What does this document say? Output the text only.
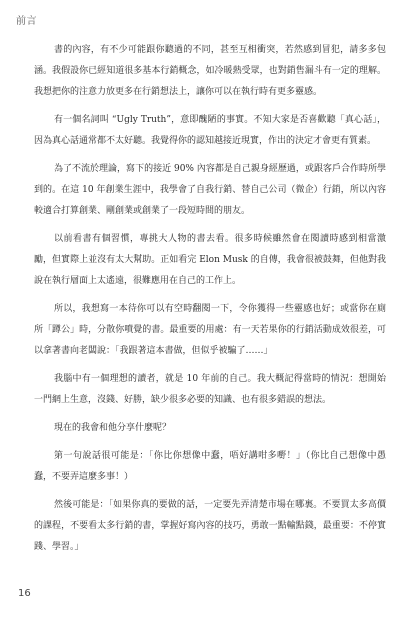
前言

書的內容，有不少可能跟你聽過的不同，甚至互相衝突，若然感到冒犯，請多多包涵。我假設你已經知道很多基本行銷概念，如冷暖熱受眾，也對銷售漏斗有一定的理解。我想把你的注意力放更多在行銷想法上，讓你可以在執行時有更多靈感。

有一個名詞叫 “Ugly Truth”，意即醜陋的事實。不知大家是否喜歡聽「真心話」，因為真心話通常都不太好聽。我覺得你的認知越接近現實，作出的決定才會更有質素。

為了不流於理論，寫下的接近 90% 內容都是自己親身經歷過，或跟客戶合作時所學到的。在這 10 年創業生涯中，我學會了自我行銷、替自己公司（微企）行銷，所以內容較適合打算創業、剛創業或創業了一段短時間的朋友。

以前看書有個習慣，專挑大人物的書去看。很多時候雖然會在閱讀時感到相當激勵，但實際上並沒有太大幫助。正如看完 Elon Musk 的自傳，我會很被鼓舞，但他對我說在執行層面上太遙遠，很難應用在自己的工作上。

所以，我想寫一本待你可以有空時翻閱一下，令你獲得一些靈感也好；或當你在廁所「蹲公」時，分散你噴覺的書。最重要的用處：有一天若果你的行銷活動成效很差，可以拿著書向老闆說：「我跟著這本書做，但似乎被騙了……」

我腦中有一個理想的讀者，就是 10 年前的自己。我大概記得當時的情況：想開始一門網上生意，沒錢、好勝，缺少很多必要的知識、也有很多錯誤的想法。

現在的我會和他分享什麼呢？

第一句說話很可能是：「你比你想像中蠢，唔好講咁多嘢！」（你比自己想像中愚蠢，不要弄這麼多事！）

然後可能是：「如果你真的要做的話，一定要先弄清楚市場在哪裏。不要買太多高價的課程，不要看太多行銷的書，掌握好寫內容的技巧，勇敢一點輸點錢，最重要：不停實踐、學習。」

16
